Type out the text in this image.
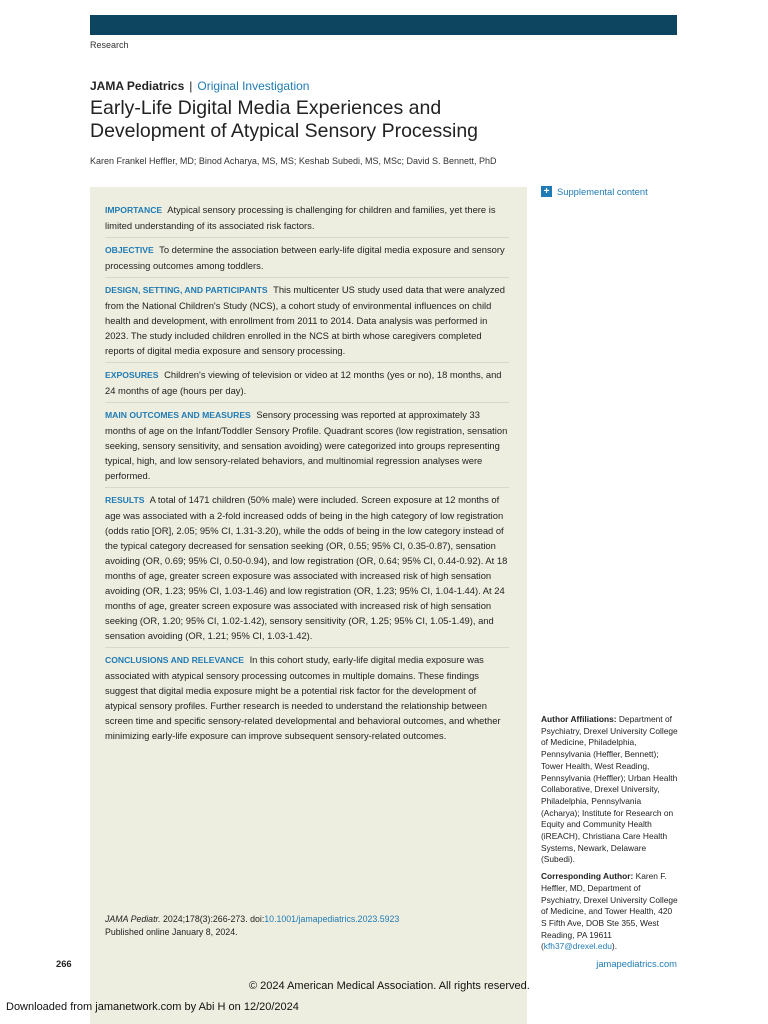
Research
JAMA Pediatrics | Original Investigation
Early-Life Digital Media Experiences and Development of Atypical Sensory Processing
Karen Frankel Heffler, MD; Binod Acharya, MS, MS; Keshab Subedi, MS, MSc; David S. Bennett, PhD
IMPORTANCE Atypical sensory processing is challenging for children and families, yet there is limited understanding of its associated risk factors.
OBJECTIVE To determine the association between early-life digital media exposure and sensory processing outcomes among toddlers.
DESIGN, SETTING, AND PARTICIPANTS This multicenter US study used data that were analyzed from the National Children's Study (NCS), a cohort study of environmental influences on child health and development, with enrollment from 2011 to 2014. Data analysis was performed in 2023. The study included children enrolled in the NCS at birth whose caregivers completed reports of digital media exposure and sensory processing.
EXPOSURES Children's viewing of television or video at 12 months (yes or no), 18 months, and 24 months of age (hours per day).
MAIN OUTCOMES AND MEASURES Sensory processing was reported at approximately 33 months of age on the Infant/Toddler Sensory Profile. Quadrant scores (low registration, sensation seeking, sensory sensitivity, and sensation avoiding) were categorized into groups representing typical, high, and low sensory-related behaviors, and multinomial regression analyses were performed.
RESULTS A total of 1471 children (50% male) were included. Screen exposure at 12 months of age was associated with a 2-fold increased odds of being in the high category of low registration (odds ratio [OR], 2.05; 95% CI, 1.31-3.20), while the odds of being in the low category instead of the typical category decreased for sensation seeking (OR, 0.55; 95% CI, 0.35-0.87), sensation avoiding (OR, 0.69; 95% CI, 0.50-0.94), and low registration (OR, 0.64; 95% CI, 0.44-0.92). At 18 months of age, greater screen exposure was associated with increased risk of high sensation avoiding (OR, 1.23; 95% CI, 1.03-1.46) and low registration (OR, 1.23; 95% CI, 1.04-1.44). At 24 months of age, greater screen exposure was associated with increased risk of high sensation seeking (OR, 1.20; 95% CI, 1.02-1.42), sensory sensitivity (OR, 1.25; 95% CI, 1.05-1.49), and sensation avoiding (OR, 1.21; 95% CI, 1.03-1.42).
CONCLUSIONS AND RELEVANCE In this cohort study, early-life digital media exposure was associated with atypical sensory processing outcomes in multiple domains. These findings suggest that digital media exposure might be a potential risk factor for the development of atypical sensory profiles. Further research is needed to understand the relationship between screen time and specific sensory-related developmental and behavioral outcomes, and whether minimizing early-life exposure can improve subsequent sensory-related outcomes.
JAMA Pediatr. 2024;178(3):266-273. doi:10.1001/jamapediatrics.2023.5923
Published online January 8, 2024.
+ Supplemental content

Author Affiliations: Department of Psychiatry, Drexel University College of Medicine, Philadelphia, Pennsylvania (Heffler, Bennett); Tower Health, West Reading, Pennsylvania (Heffler); Urban Health Collaborative, Drexel University, Philadelphia, Pennsylvania (Acharya); Institute for Research on Equity and Community Health (iREACH), Christiana Care Health Systems, Newark, Delaware (Subedi).

Corresponding Author: Karen F. Heffler, MD, Department of Psychiatry, Drexel University College of Medicine, and Tower Health, 420 S Fifth Ave, DOB Ste 355, West Reading, PA 19611 (kfh37@drexel.edu).

266	jamapediatrics.com
© 2024 American Medical Association. All rights reserved.
Downloaded from jamanetwork.com by Abi H on 12/20/2024
